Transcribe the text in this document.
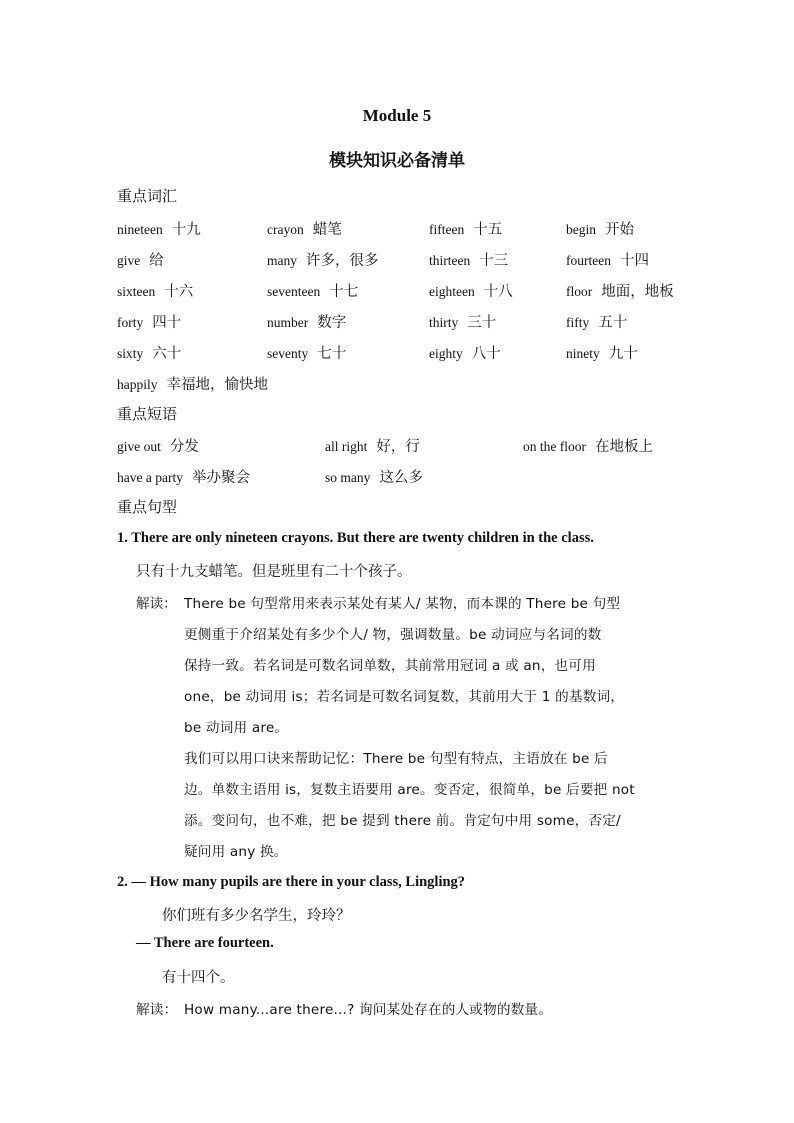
Module 5
模块知识必备清单
重点词汇
nineteen 十九	crayon 蜡笔	fifteen 十五	begin 开始
give 给	many 许多，很多	thirteen 十三	fourteen 十四
sixteen 十六	seventeen 十七	eighteen 十八	floor 地面，地板
forty 四十	number 数字	thirty 三十	fifty 五十
sixty 六十	seventy 七十	eighty 八十	ninety 九十
happily 幸福地，愉快地
重点短语
give out 分发	all right 好，行	on the floor 在地板上
have a party 举办聚会	so many 这么多
重点句型
1. There are only nineteen crayons. But there are twenty children in the class.
只有十九支蜡笔。但是班里有二十个孩子。
解读： There be 句型常用来表示某处有某人/ 某物，而本课的 There be 句型
更侧重于介绍某处有多少个人/ 物，强调数量。be 动词应与名词的数
保持一致。若名词是可数名词单数，其前常用冠词 a 或 an，也可用
one，be 动词用 is；若名词是可数名词复数，其前用大于 1 的基数词，
be 动词用 are。
我们可以用口诀来帮助记忆：There be 句型有特点，主语放在 be 后
边。单数主语用 is，复数主语要用 are。变否定，很简单，be 后要把 not
添。变问句，也不难，把 be 提到 there 前。肯定句中用 some，否定/
疑问用 any 换。
2. — How many pupils are there in your class, Lingling?
你们班有多少名学生，玲玲？
— There are fourteen.
有十四个。
解读： How many...are there...? 询问某处存在的人或物的数量。
